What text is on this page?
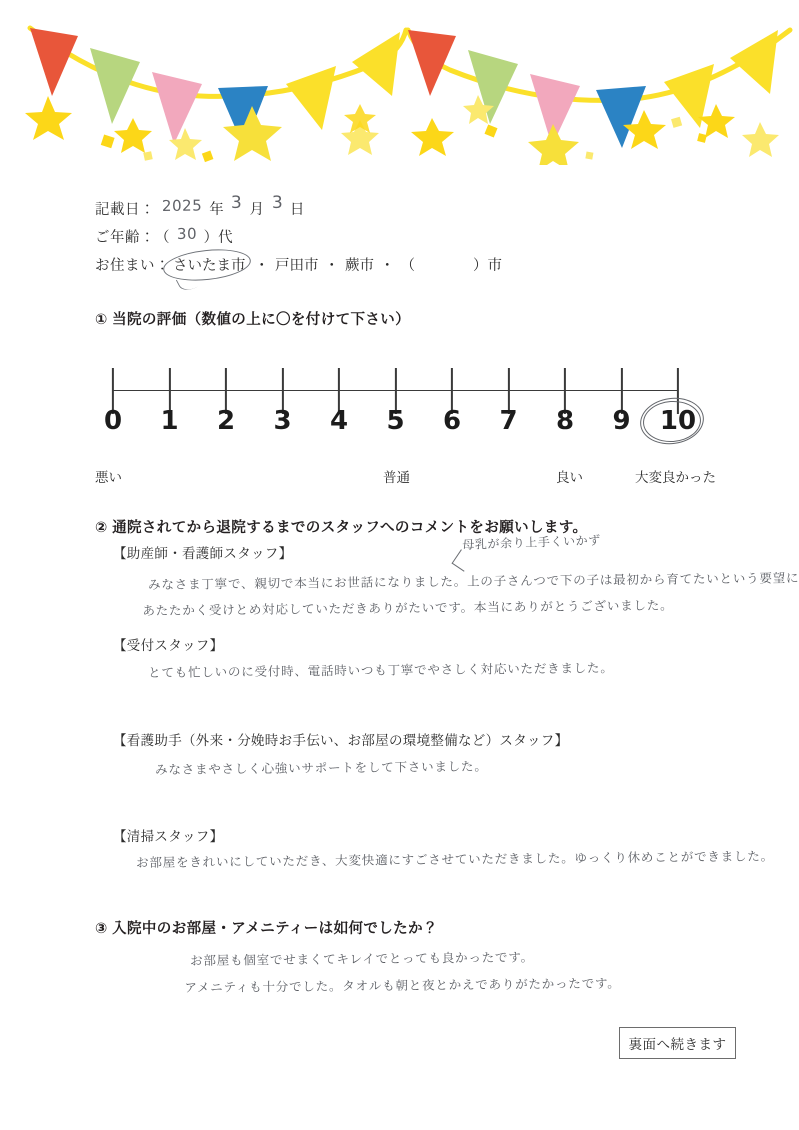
記載日： 2025 年 3 月 3 日
ご年齢： （ 30 ）代
お住まい： さいたま市 ・ 戸田市 ・ 蕨市 ・ （　　　　）市
① 当院の評価（数値の上に〇を付けて下さい）
0 1 2 3 4 5 6 7 8 9 10
悪い	普通	良い	大変良かった
② 通院されてから退院するまでのスタッフへのコメントをお願いします。
【助産師・看護師スタッフ】
母乳が余り上手くいかず
みなさま丁寧で、親切で本当にお世話になりました。上の子さんつで下の子は最初から育てたいという要望に
あたたかく受けとめ対応していただきありがたいです。本当にありがとうございました。
【受付スタッフ】
とても忙しいのに受付時、電話時いつも丁寧でやさしく対応いただきました。
【看護助手（外来・分娩時お手伝い、お部屋の環境整備など）スタッフ】
みなさまやさしく心強いサポートをして下さいました。
【清掃スタッフ】
お部屋をきれいにしていただき、大変快適にすごさせていただきました。ゆっくり休めことができました。
③ 入院中のお部屋・アメニティーは如何でしたか？
お部屋も個室でせまくてキレイでとっても良かったです。
アメニティも十分でした。タオルも朝と夜とかえでありがたかったです。
裏面へ続きます
